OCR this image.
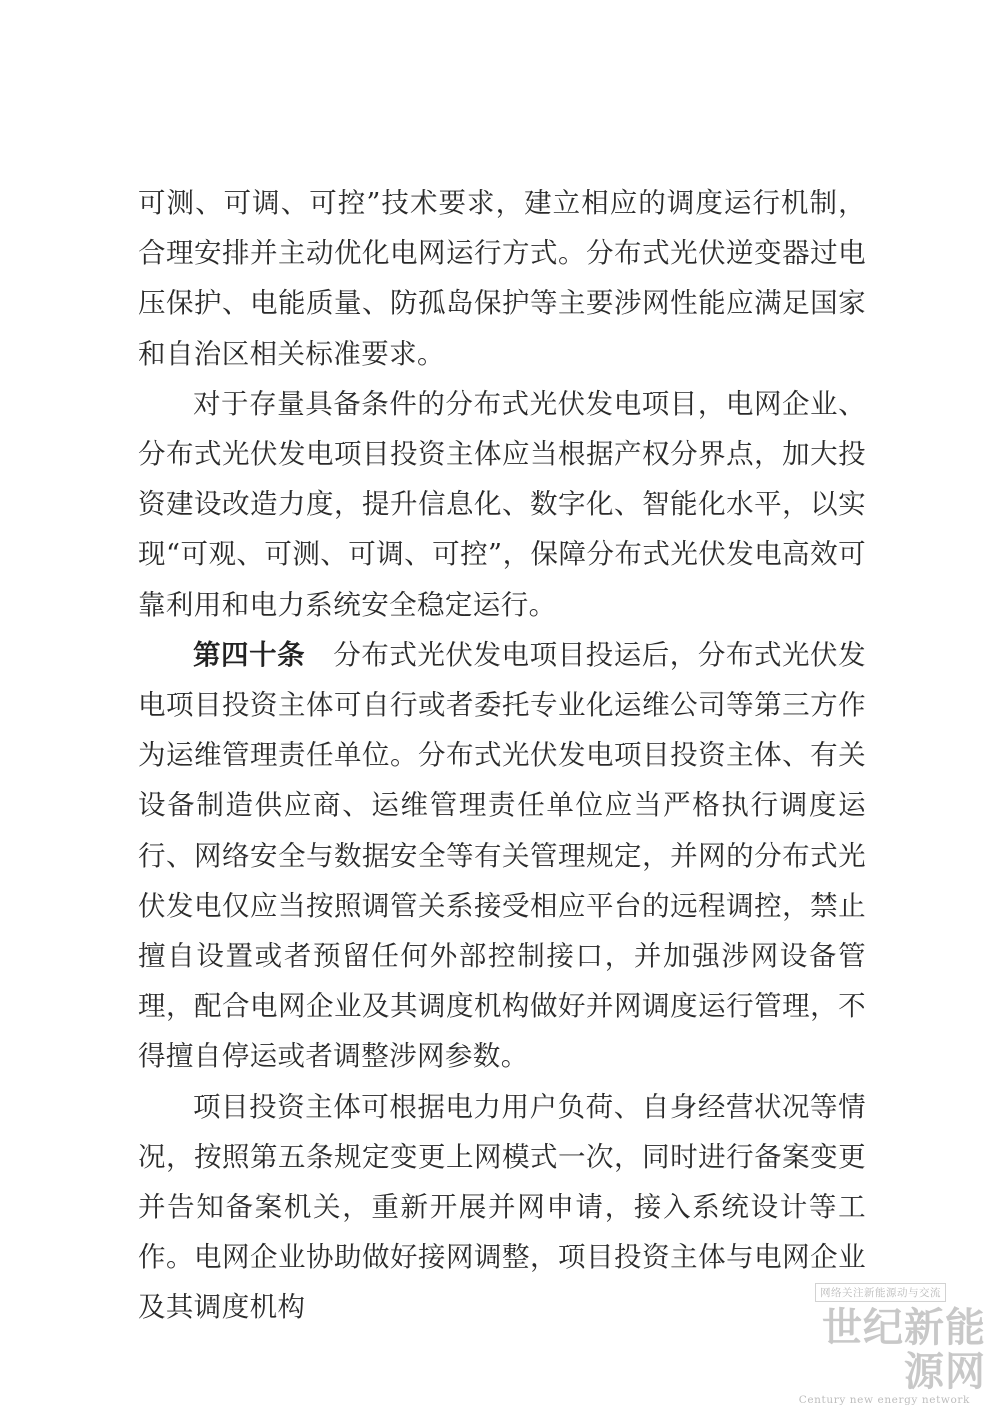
可测、可调、可控”技术要求，建立相应的调度运行机制，合理安排并主动优化电网运行方式。分布式光伏逆变器过电压保护、电能质量、防孤岛保护等主要涉网性能应满足国家和自治区相关标准要求。

对于存量具备条件的分布式光伏发电项目，电网企业、分布式光伏发电项目投资主体应当根据产权分界点，加大投资建设改造力度，提升信息化、数字化、智能化水平，以实现“可观、可测、可调、可控”，保障分布式光伏发电高效可靠利用和电力系统安全稳定运行。

第四十条  分布式光伏发电项目投运后，分布式光伏发电项目投资主体可自行或者委托专业化运维公司等第三方作为运维管理责任单位。分布式光伏发电项目投资主体、有关设备制造供应商、运维管理责任单位应当严格执行调度运行、网络安全与数据安全等有关管理规定，并网的分布式光伏发电仅应当按照调管关系接受相应平台的远程调控，禁止擅自设置或者预留任何外部控制接口，并加强涉网设备管理，配合电网企业及其调度机构做好并网调度运行管理，不得擅自停运或者调整涉网参数。

项目投资主体可根据电力用户负荷、自身经营状况等情况，按照第五条规定变更上网模式一次，同时进行备案变更并告知备案机关，重新开展并网申请，接入系统设计等工作。电网企业协助做好接网调整，项目投资主体与电网企业及其调度机构	网络关注新能源动与交流
世纪新能源网
Century new energy network
